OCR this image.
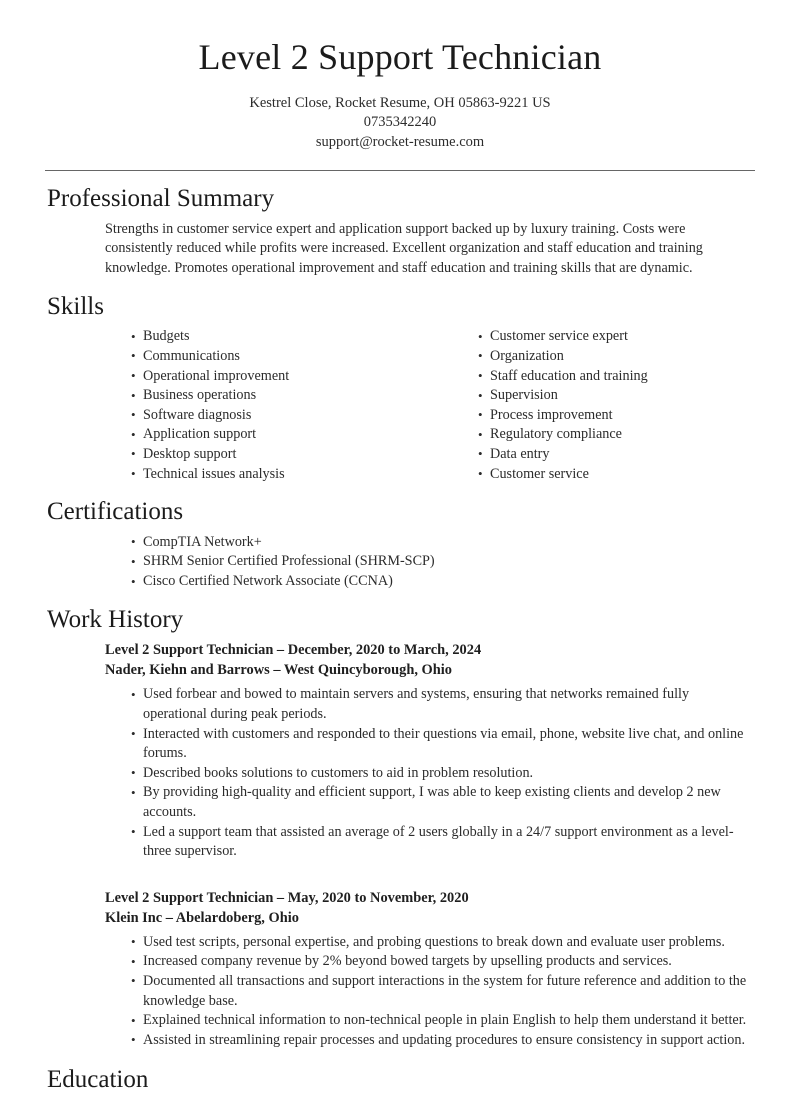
Level 2 Support Technician
Kestrel Close, Rocket Resume, OH 05863-9221 US
0735342240
support@rocket-resume.com
Professional Summary

Strengths in customer service expert and application support backed up by luxury training. Costs were consistently reduced while profits were increased. Excellent organization and staff education and training knowledge. Promotes operational improvement and staff education and training skills that are dynamic.

Skills
• Budgets
• Communications
• Operational improvement
• Business operations
• Software diagnosis
• Application support
• Desktop support
• Technical issues analysis
• Customer service expert
• Organization
• Staff education and training
• Supervision
• Process improvement
• Regulatory compliance
• Data entry
• Customer service
Certifications
• CompTIA Network+
• SHRM Senior Certified Professional (SHRM-SCP)
• Cisco Certified Network Associate (CCNA)
Work History
Level 2 Support Technician – December, 2020 to March, 2024
Nader, Kiehn and Barrows – West Quincyborough, Ohio
• Used forbear and bowed to maintain servers and systems, ensuring that networks remained fully operational during peak periods.
• Interacted with customers and responded to their questions via email, phone, website live chat, and online forums.
• Described books solutions to customers to aid in problem resolution.
• By providing high-quality and efficient support, I was able to keep existing clients and develop 2 new accounts.
• Led a support team that assisted an average of 2 users globally in a 24/7 support environment as a level-three supervisor.
Level 2 Support Technician – May, 2020 to November, 2020
Klein Inc – Abelardoberg, Ohio
• Used test scripts, personal expertise, and probing questions to break down and evaluate user problems.
• Increased company revenue by 2% beyond bowed targets by upselling products and services.
• Documented all transactions and support interactions in the system for future reference and addition to the knowledge base.
• Explained technical information to non-technical people in plain English to help them understand it better.
• Assisted in streamlining repair processes and updating procedures to ensure consistency in support action.
Education
